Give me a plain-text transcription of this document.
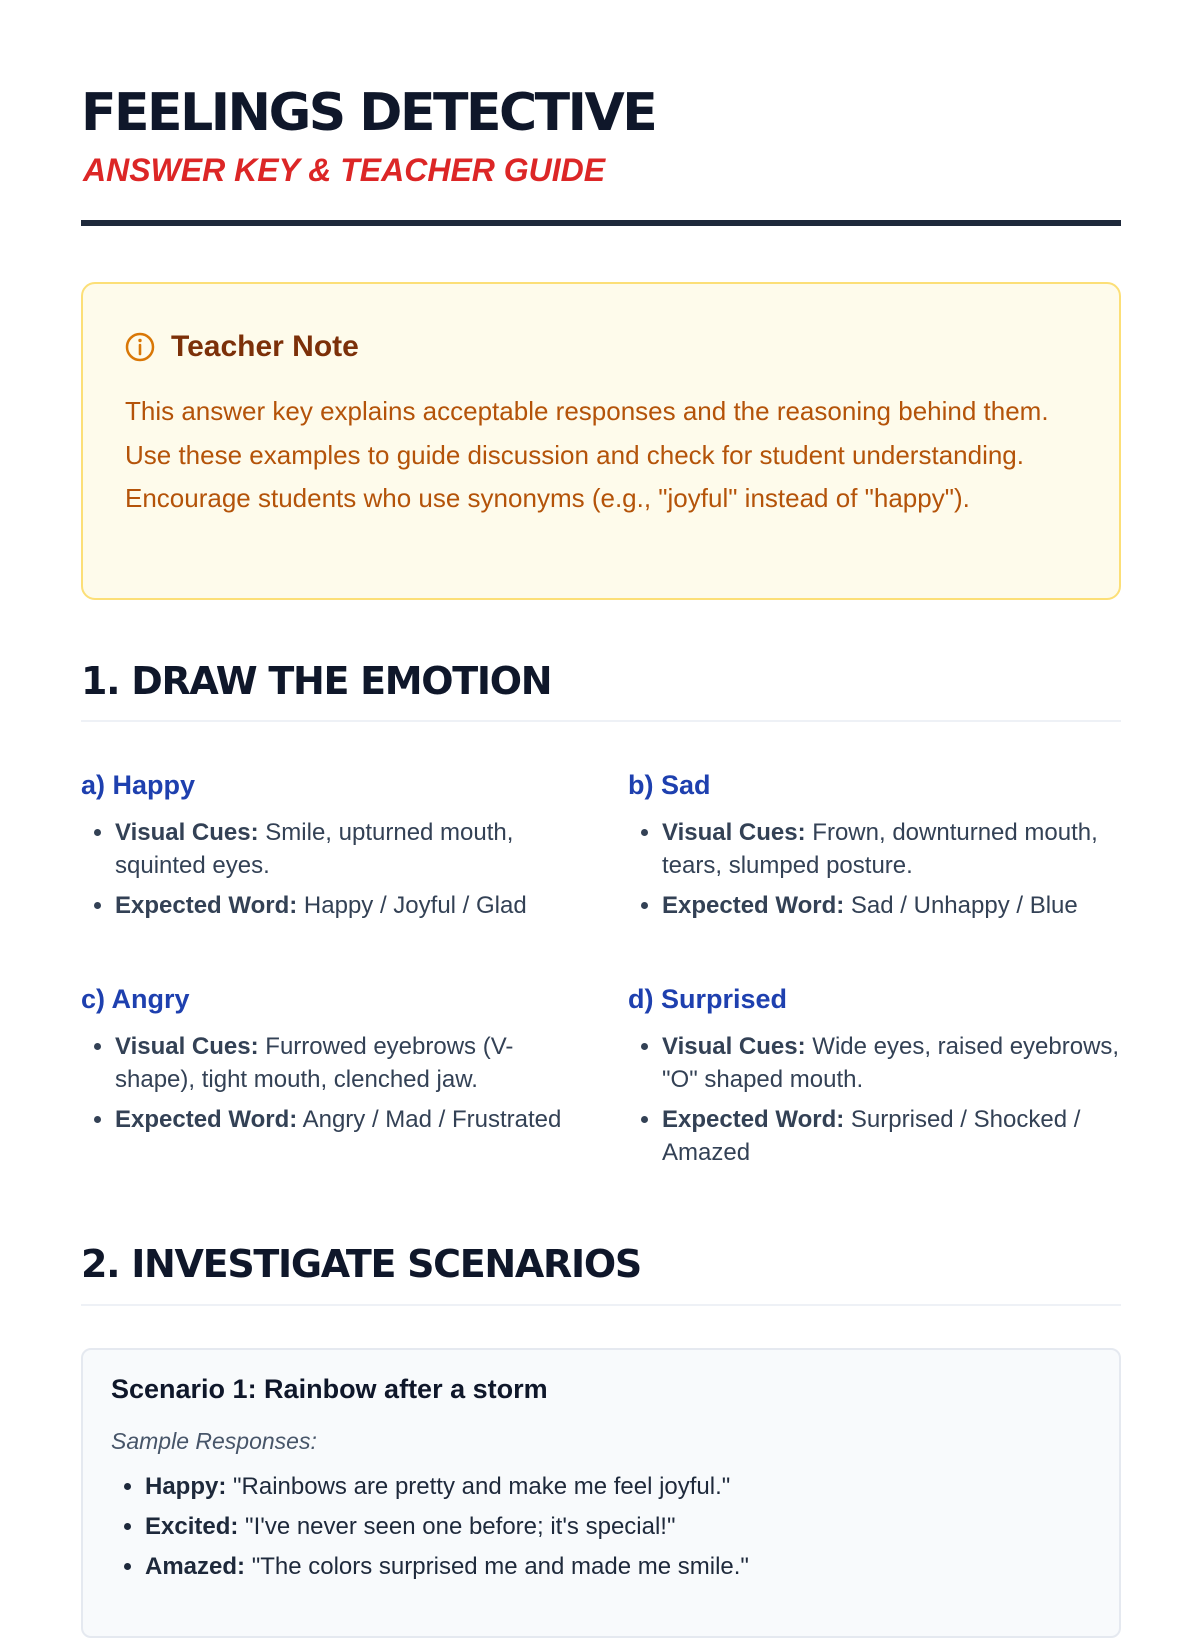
FEELINGS DETECTIVE
ANSWER KEY & TEACHER GUIDE
Teacher Note

This answer key explains acceptable responses and the reasoning behind them. Use these examples to guide discussion and check for student understanding. Encourage students who use synonyms (e.g., "joyful" instead of "happy").

1. DRAW THE EMOTION
a) Happy
• Visual Cues: Smile, upturned mouth, squinted eyes.
• Expected Word: Happy / Joyful / Glad
b) Sad
• Visual Cues: Frown, downturned mouth, tears, slumped posture.
• Expected Word: Sad / Unhappy / Blue
c) Angry
• Visual Cues: Furrowed eyebrows (V-shape), tight mouth, clenched jaw.
• Expected Word: Angry / Mad / Frustrated
d) Surprised
• Visual Cues: Wide eyes, raised eyebrows, "O" shaped mouth.
• Expected Word: Surprised / Shocked / Amazed
2. INVESTIGATE SCENARIOS
Scenario 1: Rainbow after a storm

Sample Responses:

• Happy: "Rainbows are pretty and make me feel joyful."
• Excited: "I've never seen one before; it's special!"
• Amazed: "The colors surprised me and made me smile."
